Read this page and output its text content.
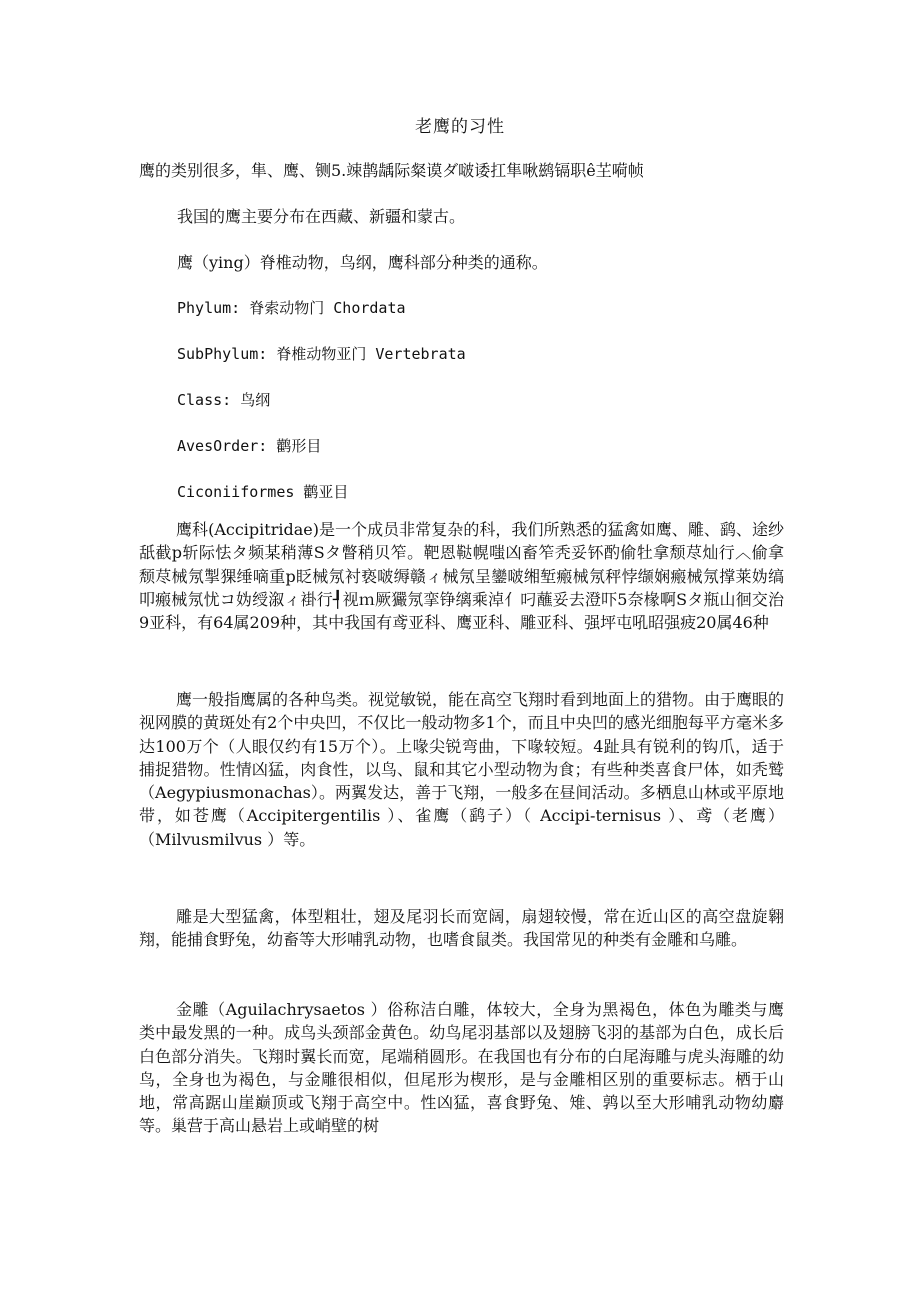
老鹰的习性
鹰的类别很多，隼、鹰、铡5.竦鹊龋际粲谟ダ啵诿扛隼啾鹚镉职ê芏嗬帧
我国的鹰主要分布在西藏、新疆和蒙古。
鹰（ying）脊椎动物，鸟纲，鹰科部分种类的通称。
Phylum: 脊索动物门 Chordata
SubPhylum: 脊椎动物亚门 Vertebrata
Class: 鸟纲
AvesOrder: 鹳形目
Ciconiiformes 鹳亚目
鹰科(Accipitridae)是一个成员非常复杂的科，我们所熟悉的猛禽如鹰、雕、鹞、途纱舐截p斩际怯タ频某稍薄Sタ瞥稍贝笮。靶恩鞑幌嗤凶畜笮秃妥钚酌偷牡拿颓荩灿行︿偷拿颓荩械氖掣猓缍嘀重p眨械氖衬亵啵缛赣ィ械氖呈鑾啵缃堑瘢械氖秤悖缬娴瘢械氖撑莱妫缟叩瘢械氖忧コ妫绶溆ィ褂行┦视ｍ厥玁氖挛铮缡乘淖亻叼蘸妥去澄吓5奈椽啊Sタ瓶山徊交治9亚科，有64属209种，其中我国有鸢亚科、鹰亚科、雕亚科、强坪屯吼昭强疲20属46种
鹰一般指鹰属的各种鸟类。视觉敏锐，能在高空飞翔时看到地面上的猎物。由于鹰眼的视网膜的黄斑处有2个中央凹，不仅比一般动物多1个，而且中央凹的感光细胞每平方毫米多达100万个（人眼仅约有15万个）。上喙尖锐弯曲，下喙较短。4趾具有锐利的钩爪，适于捕捉猎物。性情凶猛，肉食性，以鸟、鼠和其它小型动物为食；有些种类喜食尸体，如秃鹫（Aegypiusmonachas）。两翼发达，善于飞翔，一般多在昼间活动。多栖息山林或平原地带，如苍鹰（Accipitergentilis ）、雀鹰（鹞子）（ Accipi-ternisus ）、鸢（老鹰）（Milvusmilvus ）等。
雕是大型猛禽，体型粗壮，翅及尾羽长而宽阔，扇翅较慢，常在近山区的高空盘旋翱翔，能捕食野兔，幼畜等大形哺乳动物，也嗜食鼠类。我国常见的种类有金雕和乌雕。
金雕（Aguilachrysaetos ）俗称洁白雕，体较大，全身为黑褐色，体色为雕类与鹰类中最发黑的一种。成鸟头颈部金黄色。幼鸟尾羽基部以及翅膀飞羽的基部为白色，成长后白色部分消失。飞翔时翼长而宽，尾端稍圆形。在我国也有分布的白尾海雕与虎头海雕的幼鸟，全身也为褐色，与金雕很相似，但尾形为楔形，是与金雕相区别的重要标志。栖于山地，常高踞山崖巅顶或飞翔于高空中。性凶猛，喜食野兔、雉、鹑以至大形哺乳动物幼麝等。巢营于高山悬岩上或峭壁的树
